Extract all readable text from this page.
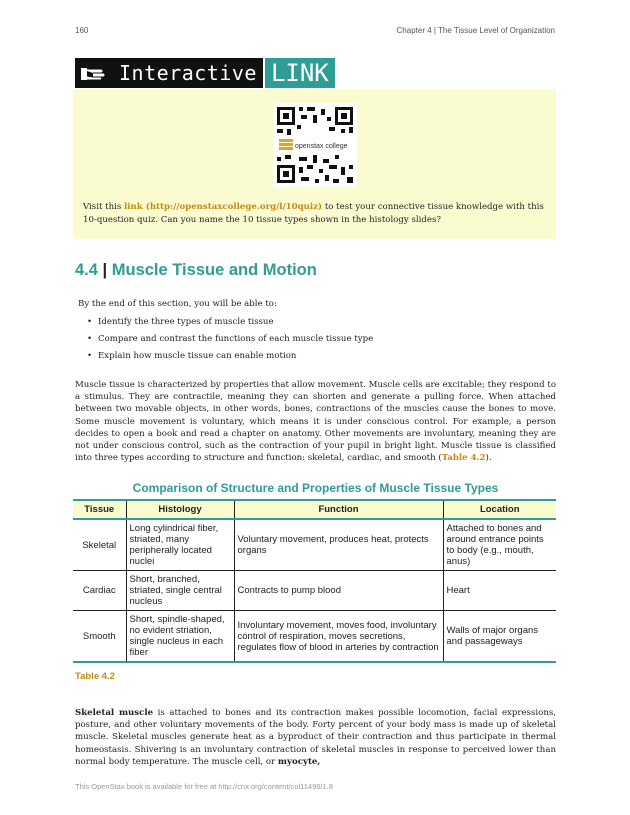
160	Chapter 4 | The Tissue Level of Organization
Interactive LINK
openstax college
Visit this link (http://openstaxcollege.org/l/10quiz) to test your connective tissue knowledge with this 10-question quiz. Can you name the 10 tissue types shown in the histology slides?
4.4 | Muscle Tissue and Motion
By the end of this section, you will be able to:
• Identify the three types of muscle tissue
• Compare and contrast the functions of each muscle tissue type
• Explain how muscle tissue can enable motion
Muscle tissue is characterized by properties that allow movement. Muscle cells are excitable; they respond to a stimulus. They are contractile, meaning they can shorten and generate a pulling force. When attached between two movable objects, in other words, bones, contractions of the muscles cause the bones to move. Some muscle movement is voluntary, which means it is under conscious control. For example, a person decides to open a book and read a chapter on anatomy. Other movements are involuntary, meaning they are not under conscious control, such as the contraction of your pupil in bright light. Muscle tissue is classified into three types according to structure and function: skeletal, cardiac, and smooth (Table 4.2).
Comparison of Structure and Properties of Muscle Tissue Types
Tissue	Histology	Function	Location
Skeletal	Long cylindrical fiber, striated, many peripherally located nuclei	Voluntary movement, produces heat, protects organs	Attached to bones and around entrance points to body (e.g., mouth, anus)
Cardiac	Short, branched, striated, single central nucleus	Contracts to pump blood	Heart
Smooth	Short, spindle-shaped, no evident striation, single nucleus in each fiber	Involuntary movement, moves food, involuntary control of respiration, moves secretions, regulates flow of blood in arteries by contraction	Walls of major organs and passageways
Table 4.2
Skeletal muscle is attached to bones and its contraction makes possible locomotion, facial expressions, posture, and other voluntary movements of the body. Forty percent of your body mass is made up of skeletal muscle. Skeletal muscles generate heat as a byproduct of their contraction and thus participate in thermal homeostasis. Shivering is an involuntary contraction of skeletal muscles in response to perceived lower than normal body temperature. The muscle cell, or myocyte,
This OpenStax book is available for free at http://cnx.org/content/col11496/1.8
